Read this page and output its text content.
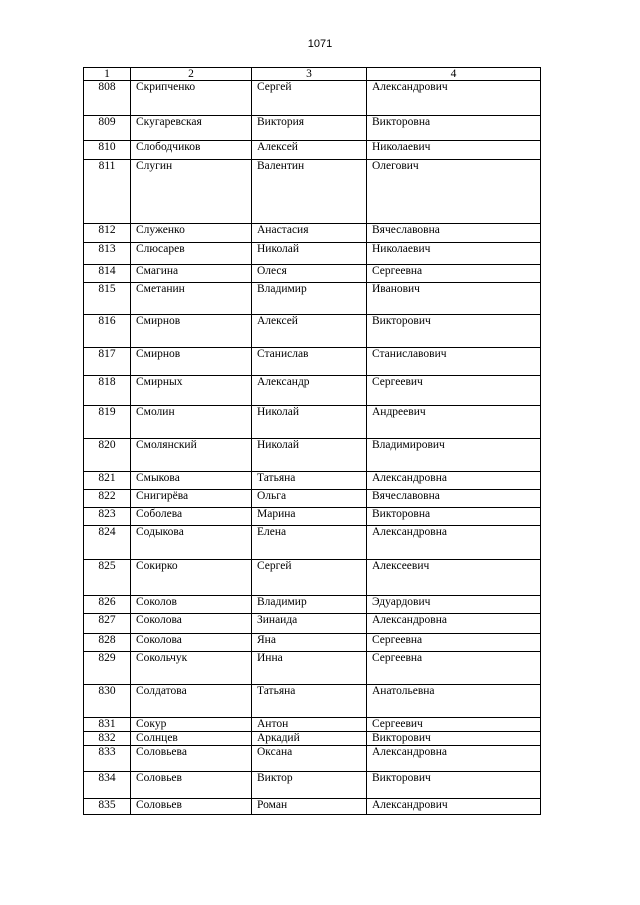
1071
1	2	3	4
808	Скрипченко	Сергей	Александрович
809	Скугаревская	Виктория	Викторовна
810	Слободчиков	Алексей	Николаевич
811	Слугин	Валентин	Олегович
812	Служенко	Анастасия	Вячеславовна
813	Слюсарев	Николай	Николаевич
814	Смагина	Олеся	Сергеевна
815	Сметанин	Владимир	Иванович
816	Смирнов	Алексей	Викторович
817	Смирнов	Станислав	Станиславович
818	Смирных	Александр	Сергеевич
819	Смолин	Николай	Андреевич
820	Смолянский	Николай	Владимирович
821	Смыкова	Татьяна	Александровна
822	Снигирёва	Ольга	Вячеславовна
823	Соболева	Марина	Викторовна
824	Содыкова	Елена	Александровна
825	Сокирко	Сергей	Алексеевич
826	Соколов	Владимир	Эдуардович
827	Соколова	Зинаида	Александровна
828	Соколова	Яна	Сергеевна
829	Сокольчук	Инна	Сергеевна
830	Солдатова	Татьяна	Анатольевна
831	Сокур	Антон	Сергеевич
832	Солнцев	Аркадий	Викторович
833	Соловьева	Оксана	Александровна
834	Соловьев	Виктор	Викторович
835	Соловьев	Роман	Александрович
